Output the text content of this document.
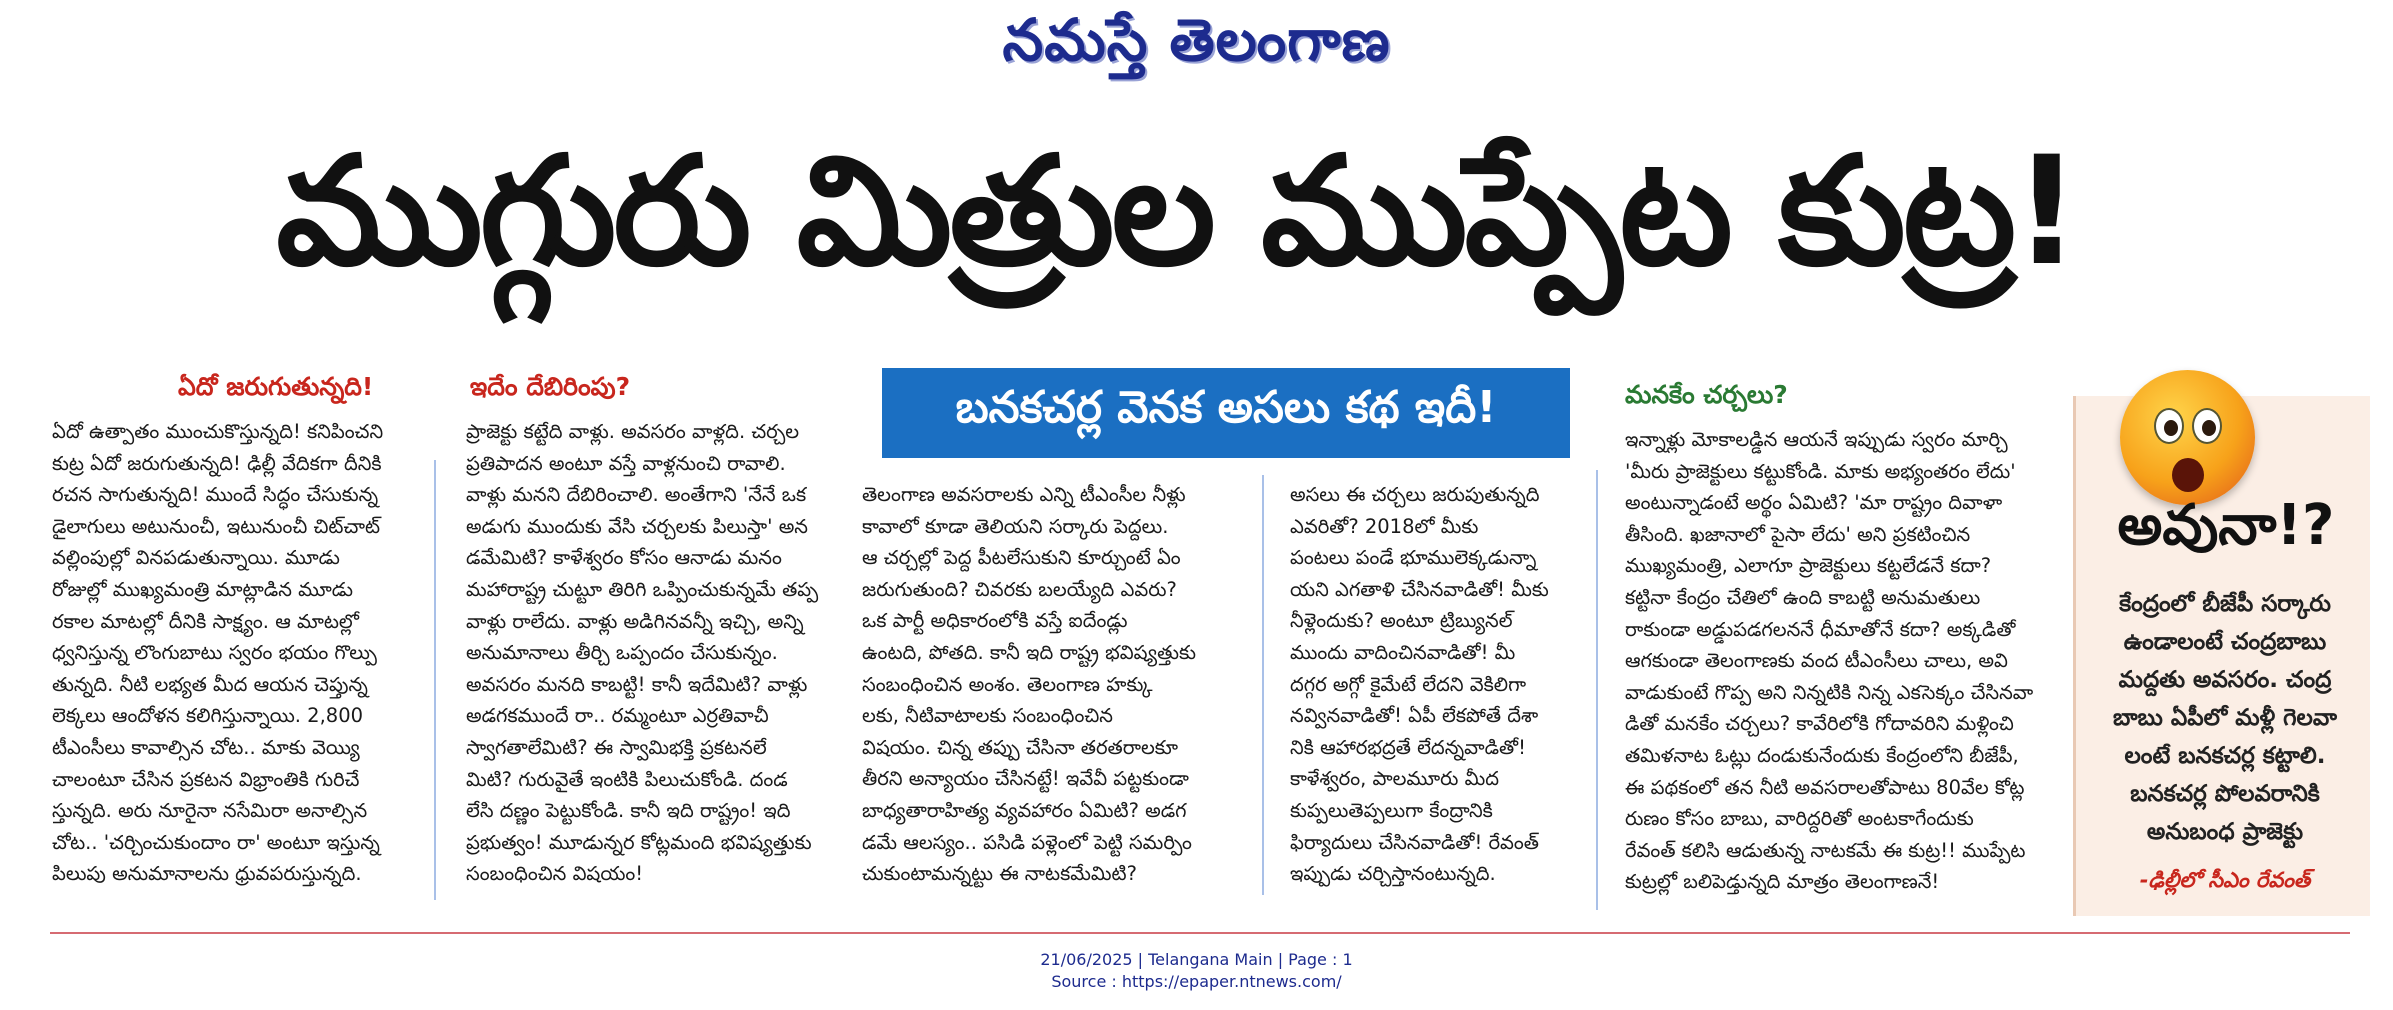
నమస్తే తెలంగాణ
ముగ్గురు మిత్రుల ముప్పేట కుట్ర!
ఏదో జరుగుతున్నది!
ఏదో ఉత్పాతం ముంచుకొస్తున్నది! కనిపించని
కుట్ర ఏదో జరుగుతున్నది! ఢిల్లీ వేదికగా దీనికి
రచన సాగుతున్నది! ముందే సిద్ధం చేసుకున్న
డైలాగులు అటునుంచీ, ఇటునుంచీ చిట్‌చాట్
వల్లింపుల్లో వినపడుతున్నాయి. మూడు
రోజుల్లో ముఖ్యమంత్రి మాట్లాడిన మూడు
రకాల మాటల్లో దీనికి సాక్ష్యం. ఆ మాటల్లో
ధ్వనిస్తున్న లొంగుబాటు స్వరం భయం గొల్పు
తున్నది. నీటి లభ్యత మీద ఆయన చెప్తున్న
లెక్కలు ఆందోళన కలిగిస్తున్నాయి. 2,800
టీఎంసీలు కావాల్సిన చోట.. మాకు వెయ్యి
చాలంటూ చేసిన ప్రకటన విభ్రాంతికి గురిచే
స్తున్నది. అరు నూరైనా నసేమిరా అనాల్సిన
చోట.. 'చర్చించుకుందాం రా' అంటూ ఇస్తున్న
పిలుపు అనుమానాలను ధ్రువపరుస్తున్నది.
ఇదేం దేబిరింపు?
ప్రాజెక్టు కట్టేది వాళ్లు. అవసరం వాళ్లది. చర్చల
ప్రతిపాదన అంటూ వస్తే వాళ్లనుంచి రావాలి.
వాళ్లు మనని దేబిరించాలి. అంతేగాని 'నేనే ఒక
అడుగు ముందుకు వేసి చర్చలకు పిలుస్తా' అన
డమేమిటి? కాళేశ్వరం కోసం ఆనాడు మనం
మహారాష్ట్ర చుట్టూ తిరిగి ఒప్పించుకున్నమే తప్ప
వాళ్లు రాలేదు. వాళ్లు అడిగినవన్నీ ఇచ్చి, అన్ని
అనుమానాలు తీర్చి ఒప్పందం చేసుకున్నం.
అవసరం మనది కాబట్టి! కానీ ఇదేమిటి? వాళ్లు
అడగకముందే రా.. రమ్మంటూ ఎర్రతివాచీ
స్వాగతాలేమిటి? ఈ స్వామిభక్తి ప్రకటనలే
మిటి? గురువైతే ఇంటికి పిలుచుకోండి. దండ
లేసి దణ్ణం పెట్టుకోండి. కానీ ఇది రాష్ట్రం! ఇది
ప్రభుత్వం! మూడున్నర కోట్లమంది భవిష్యత్తుకు
సంబంధించిన విషయం!
బనకచర్ల వెనక అసలు కథ ఇదీ!
తెలంగాణ అవసరాలకు ఎన్ని టీఎంసీల నీళ్లు
కావాలో కూడా తెలియని సర్కారు పెద్దలు.
ఆ చర్చల్లో పెద్ద పీటలేసుకుని కూర్చుంటే ఏం
జరుగుతుంది? చివరకు బలయ్యేది ఎవరు?
ఒక పార్టీ అధికారంలోకి వస్తే ఐదేండ్లు
ఉంటది, పోతది. కానీ ఇది రాష్ట్ర భవిష్యత్తుకు
సంబంధించిన అంశం. తెలంగాణ హక్కు
లకు, నీటివాటాలకు సంబంధించిన
విషయం. చిన్న తప్పు చేసినా తరతరాలకూ
తీరని అన్యాయం చేసినట్టే! ఇవేవీ పట్టకుండా
బాధ్యతారాహిత్య వ్యవహారం ఏమిటి? అడగ
డమే ఆలస్యం.. పసిడి పళ్లెంలో పెట్టి సమర్పిం
చుకుంటామన్నట్టు ఈ నాటకమేమిటి?
అసలు ఈ చర్చలు జరుపుతున్నది
ఎవరితో? 2018లో మీకు
పంటలు పండే భూములెక్కడున్నా
యని ఎగతాళి చేసినవాడితో! మీకు
నీళ్లెందుకు? అంటూ ట్రిబ్యునల్
ముందు వాదించినవాడితో! మీ
దగ్గర అగ్గో కైమేటే లేదని వెకిలిగా
నవ్వినవాడితో! ఏపీ లేకపోతే దేశా
నికి ఆహారభద్రతే లేదన్నవాడితో!
కాళేశ్వరం, పాలమూరు మీద
కుప్పలుతెప్పలుగా కేంద్రానికి
ఫిర్యాదులు చేసినవాడితో! రేవంత్
ఇప్పుడు చర్చిస్తానంటున్నది.
మనకేం చర్చలు?
ఇన్నాళ్లు మోకాలడ్డిన ఆయనే ఇప్పుడు స్వరం మార్చి
'మీరు ప్రాజెక్టులు కట్టుకోండి. మాకు అభ్యంతరం లేదు'
అంటున్నాడంటే అర్థం ఏమిటి? 'మా రాష్ట్రం దివాళా
తీసింది. ఖజానాలో పైసా లేదు' అని ప్రకటించిన
ముఖ్యమంత్రి, ఎలాగూ ప్రాజెక్టులు కట్టలేడనే కదా?
కట్టినా కేంద్రం చేతిలో ఉంది కాబట్టి అనుమతులు
రాకుండా అడ్డుపడగలననే ధీమాతోనే కదా? అక్కడితో
ఆగకుండా తెలంగాణకు వంద టీఎంసీలు చాలు, అవి
వాడుకుంటే గొప్ప అని నిన్నటికి నిన్న ఎకసెక్కం చేసినవా
డితో మనకేం చర్చలు? కావేరిలోకి గోదావరిని మళ్లించి
తమిళనాట ఓట్లు దండుకునేందుకు కేంద్రంలోని బీజేపీ,
ఈ పథకంలో తన నీటి అవసరాలతోపాటు 80వేల కోట్ల
రుణం కోసం బాబు, వారిద్దరితో అంటకాగేందుకు
రేవంత్ కలిసి ఆడుతున్న నాటకమే ఈ కుట్ర!! ముప్పేట
కుట్రల్లో బలిపెడ్తున్నది మాత్రం తెలంగాణనే!
అవునా!?
కేంద్రంలో బీజేపీ సర్కారు
ఉండాలంటే చంద్రబాబు
మద్దతు అవసరం. చంద్ర
బాబు ఏపీలో మళ్లీ గెలవా
లంటే బనకచర్ల కట్టాలి.
బనకచర్ల పోలవరానికి
అనుబంధ ప్రాజెక్టు
-ఢిల్లీలో సీఎం రేవంత్
21/06/2025 | Telangana Main | Page : 1
Source : https://epaper.ntnews.com/
